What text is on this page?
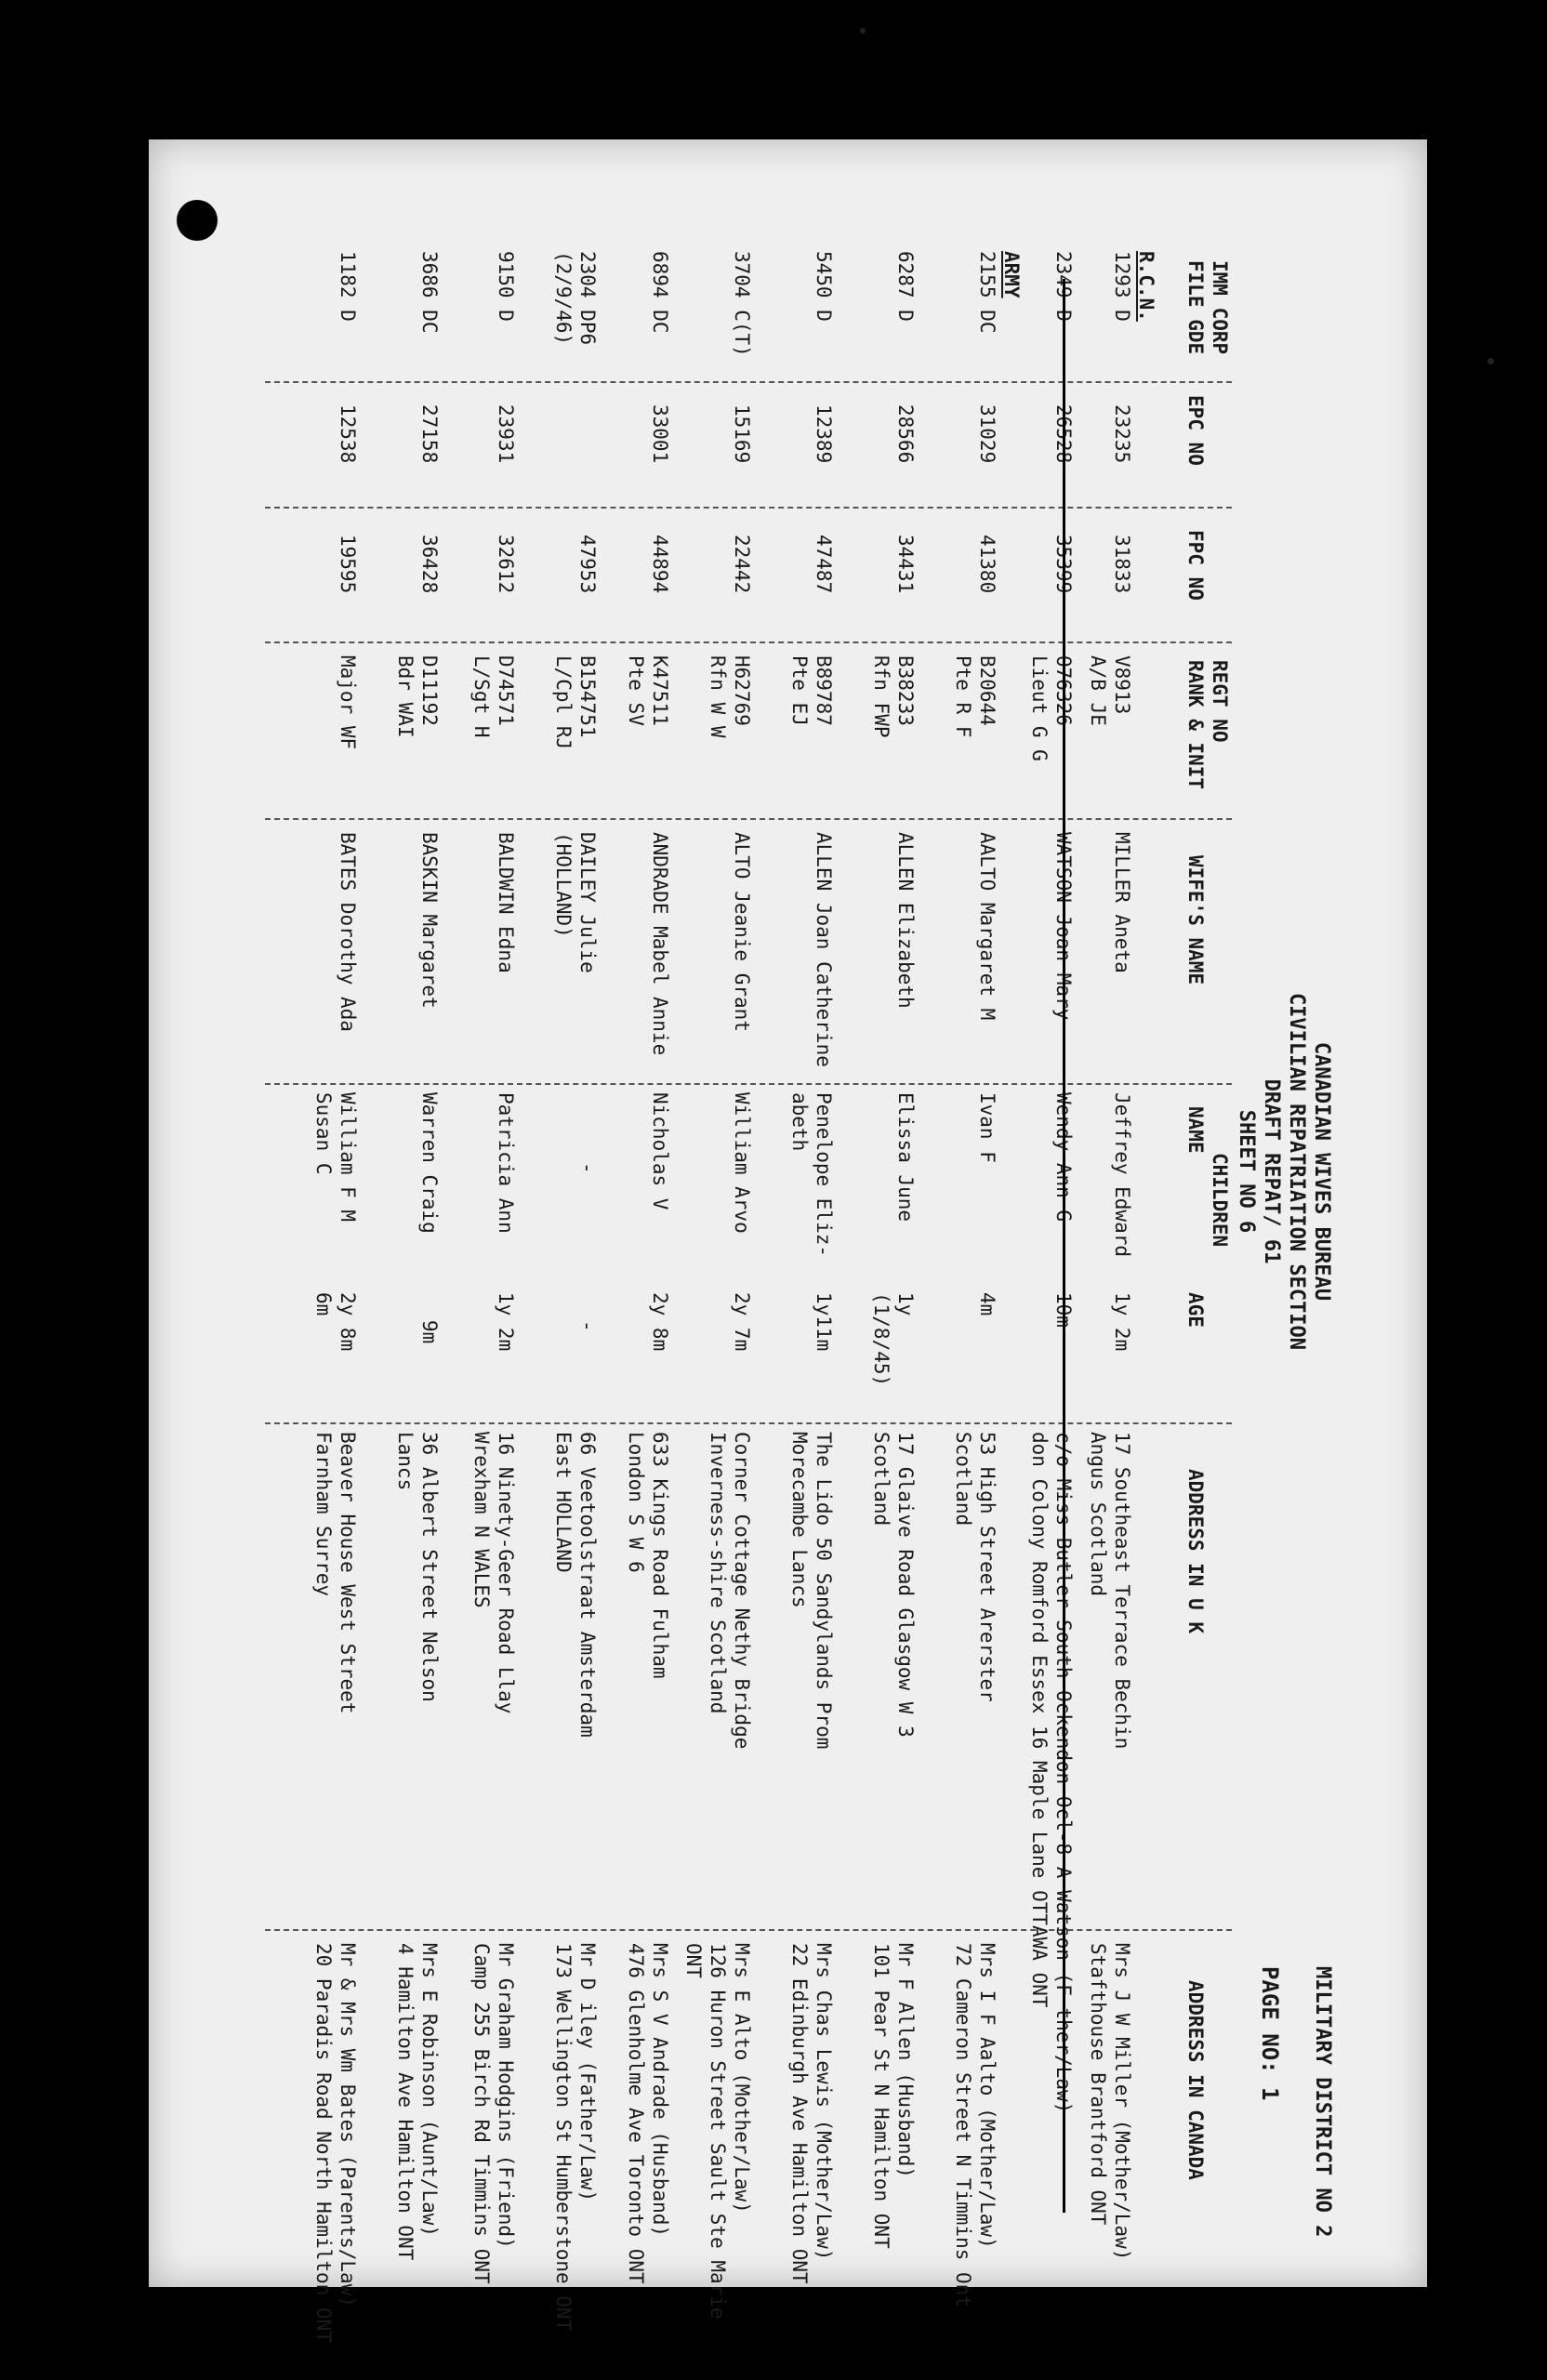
CANADIAN WIVES BUREAU
CIVILIAN REPATRIATION SECTION
DRAFT REPAT/ 61
SHEET NO 6
MILITARY DISTRICT NO 2
PAGE NO: 1
IMM CORP
FILE GDE
EPC NO
FPC NO
REGT NO
RANK & INIT
WIFE'S NAME
CHILDREN
NAME
AGE
ADDRESS IN U K
ADDRESS IN CANADA
R.C.N.
ARMY	1293 D
23235
31833
V8913
A/B JE
MILLER Aneta
Jeffrey Edward
1y 2m
17 Southeast Terrace Bechin
Angus Scotland
Mrs J W Miller (Mother/Law)
Stafthouse Brantford ONT
2349 D
26528
35399
O76326
Lieut G G
WATSON Joan Mary
Wendy Ann G
10m
c/o Miss Butler South Ockendon Ocl-8 A Watson (F ther/Law)
don Colony Romford Essex 16 Maple Lane OTTAWA ONT
2155 DC
31029
41380
B20644
Pte R F
AALTO Margaret M
Ivan F
4m
53 High Street Arerster
Scotland
Mrs I F Aalto (Mother/Law)
72 Cameron Street N Timmins Ont
6287 D
28566
34431
B38233
Rfn FWP
ALLEN Elizabeth
Elissa June
1y
(1/8/45)
17 Glaive Road Glasgow W 3
Scotland
Mr F Allen (Husband)
101 Pear St N Hamilton ONT
5450 D
12389
47487
B89787
Pte EJ
ALLEN Joan Catherine
Penelope Eliz-
abeth
1y11m
The Lido 50 Sandylands Prom
Morecambe Lancs
Mrs Chas Lewis (Mother/Law)
22 Edinburgh Ave Hamilton ONT
3704 C(T)
15169
22442
H62769
Rfn W W
ALTO Jeanie Grant
William Arvo
2y 7m
Corner Cottage Nethy Bridge
Inverness-shire Scotland
Mrs E Alto (Mother/Law)
126 Huron Street Sault Ste Marie
ONT
6894 DC
33001
44894
K47511
Pte SV
ANDRADE Mabel Annie
Nicholas V
2y 8m
633 Kings Road Fulham
London S W 6
Mrs S V Andrade (Husband)
476 Glenholme Ave Toronto ONT
2304 DP6
(2/9/46)
47953
B154751
L/Cpl RJ
DAILEY Julie
(HOLLAND)
-
-
66 Veetoolstraat Amsterdam
East HOLLAND
Mr D iley (Father/Law)
173 Wellington St Humberstone ONT
9150 D
23931
32612
D74571
L/Sgt H
BALDWIN Edna
Patricia Ann
1y 2m
16 Ninety-Geer Road Llay
Wrexham N WALES
Mr Graham Hodgins (Friend)
Camp 255 Birch Rd Timmins ONT
3686 DC
27158
36428
D11192
Bdr WAI
BASKIN Margaret
Warren Craig
9m
36 Albert Street Nelson
Lancs
Mrs E Robinson (Aunt/Law)
4 Hamilton Ave Hamilton ONT
1182 D
12538
19595
Major WF
BATES Dorothy Ada
William F M
Susan C
2y 8m
6m
Beaver House West Street
Farnham Surrey
Mr & Mrs Wm Bates (Parents/Law)
20 Paradis Road North Hamilton ONT
